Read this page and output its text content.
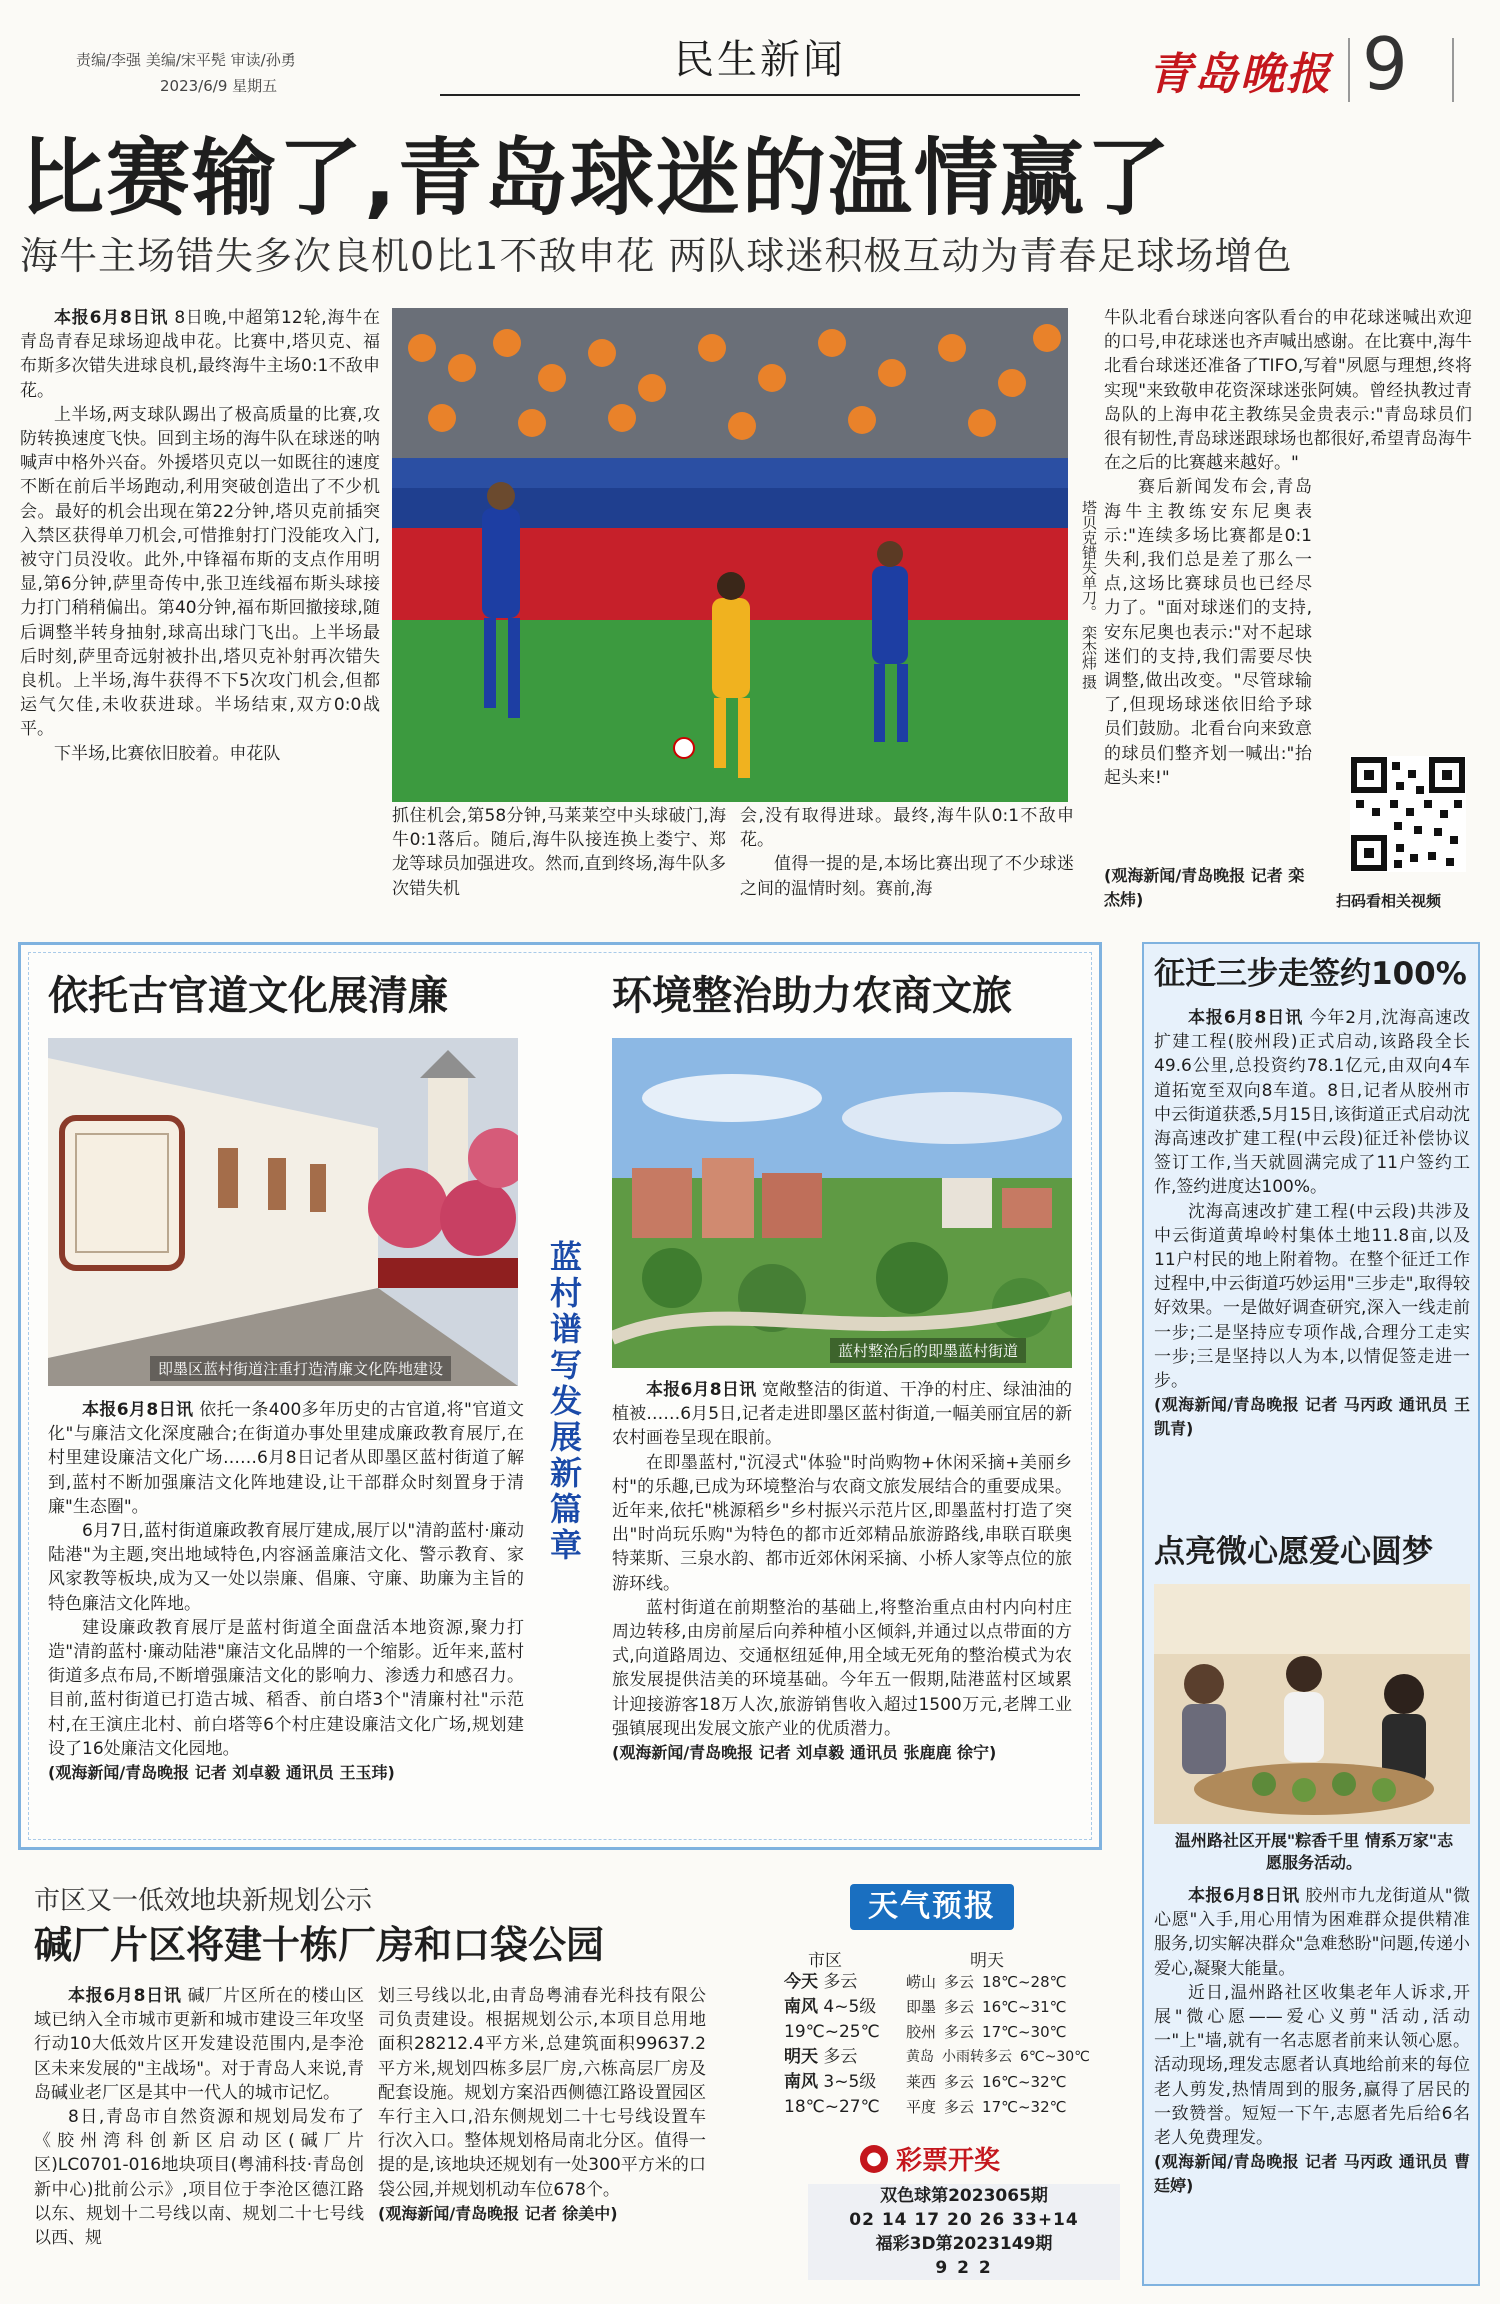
责编/李强 美编/宋平髡 审读/孙勇
2023/6/9 星期五
民生新闻	青岛晚报 9
比赛输了,青岛球迷的温情赢了
海牛主场错失多次良机0比1不敌申花 两队球迷积极互动为青春足球场增色

本报6月8日讯 8日晚,中超第12轮,海牛在青岛青春足球场迎战申花。比赛中,塔贝克、福布斯多次错失进球良机,最终海牛主场0:1不敌申花。

上半场,两支球队踢出了极高质量的比赛,攻防转换速度飞快。回到主场的海牛队在球迷的呐喊声中格外兴奋。外援塔贝克以一如既往的速度不断在前后半场跑动,利用突破创造出了不少机会。最好的机会出现在第22分钟,塔贝克前插突入禁区获得单刀机会,可惜推射打门没能攻入门,被守门员没收。此外,中锋福布斯的支点作用明显,第6分钟,萨里奇传中,张卫连线福布斯头球接力打门稍稍偏出。第40分钟,福布斯回撤接球,随后调整半转身抽射,球高出球门飞出。上半场最后时刻,萨里奇远射被扑出,塔贝克补射再次错失良机。上半场,海牛获得不下5次攻门机会,但都运气欠佳,未收获进球。半场结束,双方0:0战平。

下半场,比赛依旧胶着。申花队

塔贝克错失单刀。 栾杰炜 摄

抓住机会,第58分钟,马莱莱空中头球破门,海牛0:1落后。随后,海牛队接连换上娄宁、郑龙等球员加强进攻。然而,直到终场,海牛队多次错失机

会,没有取得进球。最终,海牛队0:1不敌申花。

值得一提的是,本场比赛出现了不少球迷之间的温情时刻。赛前,海

牛队北看台球迷向客队看台的申花球迷喊出欢迎的口号,申花球迷也齐声喊出感谢。在比赛中,海牛北看台球迷还准备了TIFO,写着"夙愿与理想,终将实现"来致敬申花资深球迷张阿姨。曾经执教过青岛队的上海申花主教练吴金贵表示:"青岛球员们很有韧性,青岛球迷跟球场也都很好,希望青岛海牛在之后的比赛越来越好。"

赛后新闻发布会,青岛海牛主教练安东尼奥表示:"连续多场比赛都是0:1失利,我们总是差了那么一点,这场比赛球员也已经尽力了。"面对球迷们的支持,安东尼奥也表示:"对不起球迷们的支持,我们需要尽快调整,做出改变。"尽管球输了,但现场球迷依旧给予球员们鼓励。北看台向来致意的球员们整齐划一喊出:"抬起头来!"

(观海新闻/青岛晚报 记者 栾杰炜)	扫码看相关视频
依托古官道文化展清廉
即墨区蓝村街道注重打造清廉文化阵地建设

本报6月8日讯 依托一条400多年历史的古官道,将"官道文化"与廉洁文化深度融合;在街道办事处里建成廉政教育展厅,在村里建设廉洁文化广场……6月8日记者从即墨区蓝村街道了解到,蓝村不断加强廉洁文化阵地建设,让干部群众时刻置身于清廉"生态圈"。

6月7日,蓝村街道廉政教育展厅建成,展厅以"清韵蓝村·廉动陆港"为主题,突出地域特色,内容涵盖廉洁文化、警示教育、家风家教等板块,成为又一处以崇廉、倡廉、守廉、助廉为主旨的特色廉洁文化阵地。

建设廉政教育展厅是蓝村街道全面盘活本地资源,聚力打造"清韵蓝村·廉动陆港"廉洁文化品牌的一个缩影。近年来,蓝村街道多点布局,不断增强廉洁文化的影响力、渗透力和感召力。目前,蓝村街道已打造古城、稻香、前白塔3个"清廉村社"示范村,在王演庄北村、前白塔等6个村庄建设廉洁文化广场,规划建设了16处廉洁文化园地。

(观海新闻/青岛晚报 记者 刘卓毅 通讯员 王玉玮)

蓝村谱写发展新篇章
环境整治助力农商文旅
蓝村整治后的即墨蓝村街道

本报6月8日讯 宽敞整洁的街道、干净的村庄、绿油油的植被……6月5日,记者走进即墨区蓝村街道,一幅美丽宜居的新农村画卷呈现在眼前。

在即墨蓝村,"沉浸式"体验"时尚购物+休闲采摘+美丽乡村"的乐趣,已成为环境整治与农商文旅发展结合的重要成果。近年来,依托"桃源稻乡"乡村振兴示范片区,即墨蓝村打造了突出"时尚玩乐购"为特色的都市近郊精品旅游路线,串联百联奥特莱斯、三泉水韵、都市近郊休闲采摘、小桥人家等点位的旅游环线。

蓝村街道在前期整治的基础上,将整治重点由村内向村庄周边转移,由房前屋后向养种植小区倾斜,并通过以点带面的方式,向道路周边、交通枢纽延伸,用全域无死角的整治模式为农旅发展提供洁美的环境基础。今年五一假期,陆港蓝村区域累计迎接游客18万人次,旅游销售收入超过1500万元,老牌工业强镇展现出发展文旅产业的优质潜力。

(观海新闻/青岛晚报 记者 刘卓毅 通讯员 张鹿鹿 徐宁)

征迁三步走签约100%

本报6月8日讯 今年2月,沈海高速改扩建工程(胶州段)正式启动,该路段全长49.6公里,总投资约78.1亿元,由双向4车道拓宽至双向8车道。8日,记者从胶州市中云街道获悉,5月15日,该街道正式启动沈海高速改扩建工程(中云段)征迁补偿协议签订工作,当天就圆满完成了11户签约工作,签约进度达100%。

沈海高速改扩建工程(中云段)共涉及中云街道黄埠岭村集体土地11.8亩,以及11户村民的地上附着物。在整个征迁工作过程中,中云街道巧妙运用"三步走",取得较好效果。一是做好调查研究,深入一线走前一步;二是坚持应专项作战,合理分工走实一步;三是坚持以人为本,以情促签走进一步。

(观海新闻/青岛晚报 记者 马丙政 通讯员 王凯青)

点亮微心愿爱心圆梦
温州路社区开展"粽香千里 情系万家"志愿服务活动。

本报6月8日讯 胶州市九龙街道从"微心愿"入手,用心用情为困难群众提供精准服务,切实解决群众"急难愁盼"问题,传递小爱心,凝聚大能量。

近日,温州路社区收集老年人诉求,开展"微心愿——爱心义剪"活动,活动一"上"墙,就有一名志愿者前来认领心愿。活动现场,理发志愿者认真地给前来的每位老人剪发,热情周到的服务,赢得了居民的一致赞誉。短短一下午,志愿者先后给6名老人免费理发。

(观海新闻/青岛晚报 记者 马丙政 通讯员 曹廷婷)

市区又一低效地块新规划公示
碱厂片区将建十栋厂房和口袋公园

本报6月8日讯 碱厂片区所在的楼山区域已纳入全市城市更新和城市建设三年攻坚行动10大低效片区开发建设范围内,是李沧区未来发展的"主战场"。对于青岛人来说,青岛碱业老厂区是其中一代人的城市记忆。

8日,青岛市自然资源和规划局发布了《胶州湾科创新区启动区(碱厂片区)LC0701-016地块项目(粤浦科技·青岛创新中心)批前公示》,项目位于李沧区德江路以东、规划十二号线以南、规划二十七号线以西、规

划三号线以北,由青岛粤浦春光科技有限公司负责建设。根据规划公示,本项目总用地面积28212.4平方米,总建筑面积99637.2平方米,规划四栋多层厂房,六栋高层厂房及配套设施。规划方案沿西侧德江路设置园区车行主入口,沿东侧规划二十七号线设置车行次入口。整体规划格局南北分区。值得一提的是,该地块还规划有一处300平方米的口袋公园,并规划机动车位678个。

(观海新闻/青岛晚报 记者 徐美中)

天气预报
市区	明天
今天 多云
南风 4~5级
19℃~25℃
明天 多云
南风 3~5级
18℃~27℃
崂山 多云 18℃~28℃
即墨 多云 16℃~31℃
胶州 多云 17℃~30℃
黄岛 小雨转多云 6℃~30℃
莱西 多云 16℃~32℃
平度 多云 17℃~32℃
● 彩票开奖
双色球第2023065期
02 14 17 20 26 33+14
福彩3D第2023149期
9 2 2
